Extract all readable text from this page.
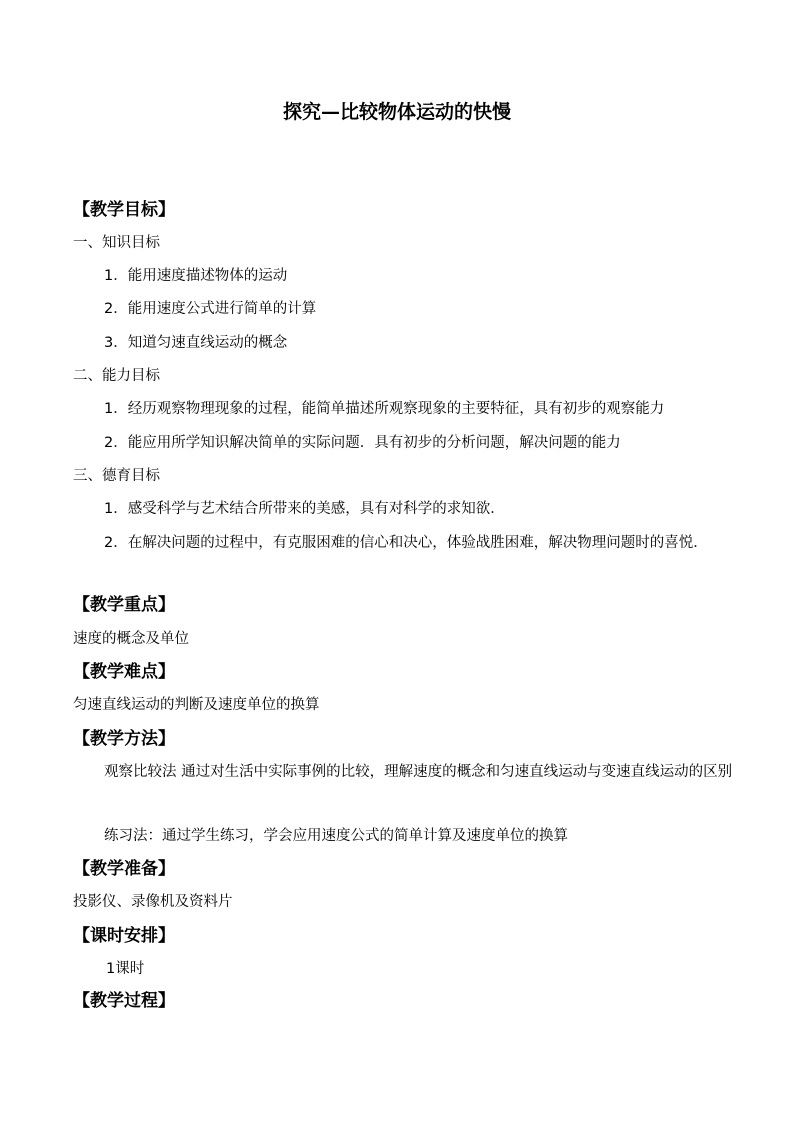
探究—比较物体运动的快慢
【教学目标】
一、知识目标
1．能用速度描述物体的运动
2．能用速度公式进行简单的计算
3．知道匀速直线运动的概念
二、能力目标
1．经历观察物理现象的过程，能简单描述所观察现象的主要特征，具有初步的观察能力
2．能应用所学知识解决简单的实际问题．具有初步的分析问题，解决问题的能力
三、德育目标
1．感受科学与艺术结合所带来的美感，具有对科学的求知欲．
2．在解决问题的过程中，有克服困难的信心和决心，体验战胜困难，解决物理问题时的喜悦．
【教学重点】
速度的概念及单位
【教学难点】
匀速直线运动的判断及速度单位的换算
【教学方法】
观察比较法 通过对生活中实际事例的比较，理解速度的概念和匀速直线运动与变速直线运动的区别
练习法：通过学生练习，学会应用速度公式的简单计算及速度单位的换算
【教学准备】
投影仪、录像机及资料片
【课时安排】
1课时
【教学过程】
